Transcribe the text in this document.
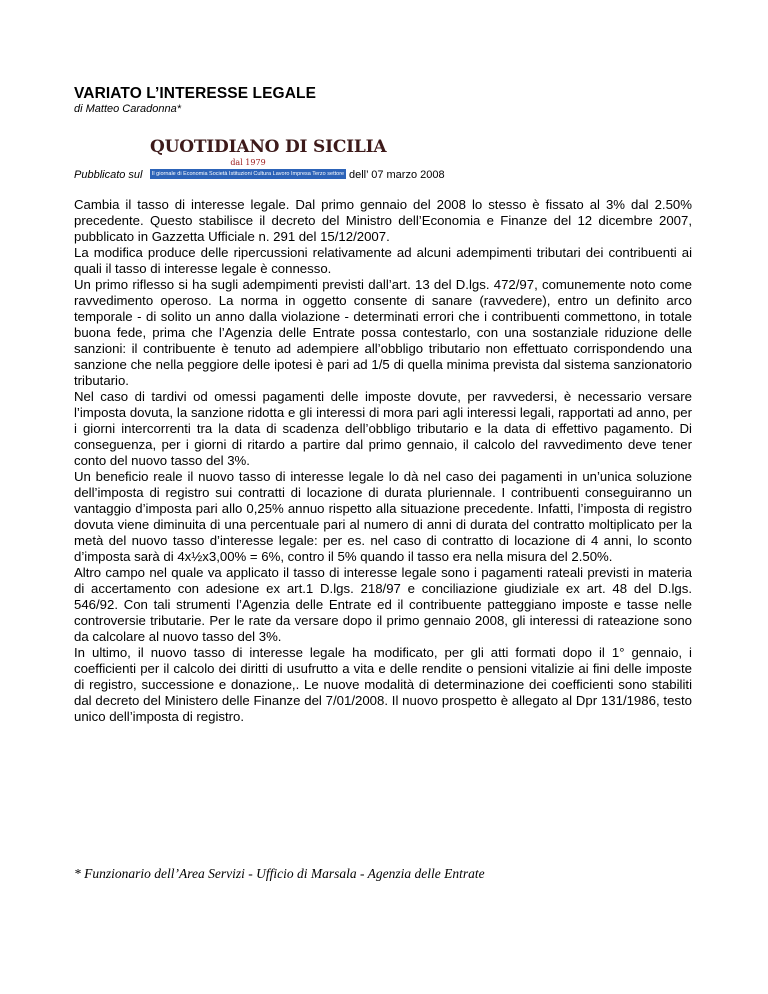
VARIATO L’INTERESSE LEGALE
di Matteo Caradonna*
Pubblicato sul
QUOTIDIANO DI SICILIA
dal 1979
Il giornale di Economia Società Istituzioni Cultura Lavoro Impresa Terzo settore dell’ 07 marzo 2008

Cambia il tasso di interesse legale. Dal primo gennaio del 2008 lo stesso è fissato al 3% dal 2.50% precedente. Questo stabilisce il decreto del Ministro dell’Economia e Finanze del 12 dicembre 2007, pubblicato in Gazzetta Ufficiale n. 291 del 15/12/2007.

La modifica produce delle ripercussioni relativamente ad alcuni adempimenti tributari dei contribuenti ai quali il tasso di interesse legale è connesso.

Un primo riflesso si ha sugli adempimenti previsti dall’art. 13 del D.lgs. 472/97, comunemente noto come ravvedimento operoso. La norma in oggetto consente di sanare (ravvedere), entro un definito arco temporale - di solito un anno dalla violazione - determinati errori che i contribuenti commettono, in totale buona fede, prima che l’Agenzia delle Entrate possa contestarlo, con una sostanziale riduzione delle sanzioni: il contribuente è tenuto ad adempiere all’obbligo tributario non effettuato corrispondendo una sanzione che nella peggiore delle ipotesi è pari ad 1/5 di quella minima prevista dal sistema sanzionatorio tributario.

Nel caso di tardivi od omessi pagamenti delle imposte dovute, per ravvedersi, è necessario versare l’imposta dovuta, la sanzione ridotta e gli interessi di mora pari agli interessi legali, rapportati ad anno, per i giorni intercorrenti tra la data di scadenza dell’obbligo tributario e la data di effettivo pagamento. Di conseguenza, per i giorni di ritardo a partire dal primo gennaio, il calcolo del ravvedimento deve tener conto del nuovo tasso del 3%.

Un beneficio reale il nuovo tasso di interesse legale lo dà nel caso dei pagamenti in un’unica soluzione dell’imposta di registro sui contratti di locazione di durata pluriennale. I contribuenti conseguiranno un vantaggio d’imposta pari allo 0,25% annuo rispetto alla situazione precedente. Infatti, l’imposta di registro dovuta viene diminuita di una percentuale pari al numero di anni di durata del contratto moltiplicato per la metà del nuovo tasso d’interesse legale: per es. nel caso di contratto di locazione di 4 anni, lo sconto d’imposta sarà di 4x½x3,00% = 6%, contro il 5% quando il tasso era nella misura del 2.50%.

Altro campo nel quale va applicato il tasso di interesse legale sono i pagamenti rateali previsti in materia di accertamento con adesione ex art.1 D.lgs. 218/97 e conciliazione giudiziale ex art. 48 del D.lgs. 546/92. Con tali strumenti l’Agenzia delle Entrate ed il contribuente patteggiano imposte e tasse nelle controversie tributarie. Per le rate da versare dopo il primo gennaio 2008, gli interessi di rateazione sono da calcolare al nuovo tasso del 3%.

In ultimo, il nuovo tasso di interesse legale ha modificato, per gli atti formati dopo il 1° gennaio, i coefficienti per il calcolo dei diritti di usufrutto a vita e delle rendite o pensioni vitalizie ai fini delle imposte di registro, successione e donazione,. Le nuove modalità di determinazione dei coefficienti sono stabiliti dal decreto del Ministero delle Finanze del 7/01/2008. Il nuovo prospetto è allegato al Dpr 131/1986, testo unico dell’imposta di registro.

* Funzionario dell’Area Servizi - Ufficio di Marsala - Agenzia delle Entrate
